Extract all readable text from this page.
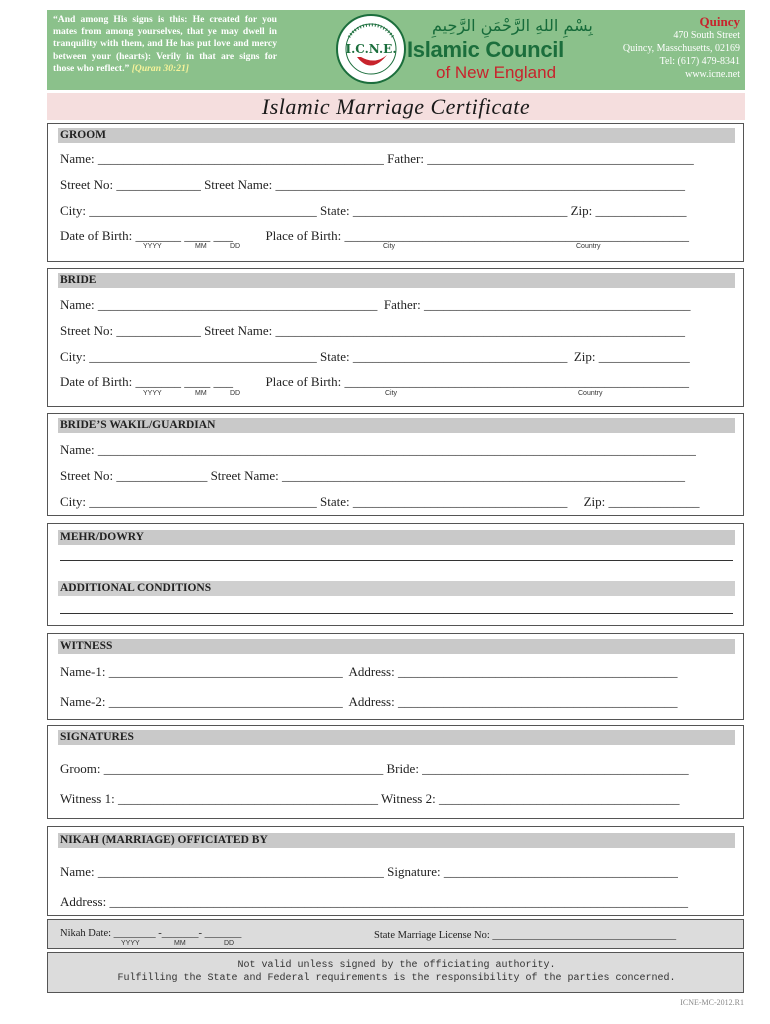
“And among His signs is this: He created for you mates from among yourselves, that ye may dwell in tranquility with them, and He has put love and mercy between your (hearts): Verily in that are signs for those who reflect.” [Quran 30:21]
I.C.N.E.
بِسْمِ اللهِ الرَّحْمَنِ الرَّحِيمِ
Islamic Council
of New England
Quincy
470 South Street
Quincy, Masschusetts, 02169
Tel: (617) 479-8341
www.icne.net
Islamic Marriage Certificate
GROOM
Name: ____________________________________________ Father: _________________________________________
Street No: _____________ Street Name: _______________________________________________________________
City: ___________________________________ State: _________________________________ Zip: ______________
Date of Birth: _______ ____ ___          Place of Birth: _____________________________________________________
YYYY	MM	DD	City	Country
BRIDE
Name: ___________________________________________  Father: _________________________________________
Street No: _____________ Street Name: _______________________________________________________________
City: ___________________________________ State: _________________________________  Zip: ______________
Date of Birth: _______ ____ ___          Place of Birth: _____________________________________________________
YYYY	MM	DD	City	Country
BRIDE’S WAKIL/GUARDIAN
Name: ____________________________________________________________________________________________
Street No: ______________ Street Name: ______________________________________________________________
City: ___________________________________ State: _________________________________     Zip: ______________
MEHR/DOWRY
ADDITIONAL CONDITIONS
WITNESS
Name-1: ____________________________________  Address: ___________________________________________
Name-2: ____________________________________  Address: ___________________________________________
SIGNATURES
Groom: ___________________________________________ Bride: _________________________________________
Witness 1: ________________________________________ Witness 2: _____________________________________
NIKAH (MARRIAGE) OFFICIATED BY
Name: ____________________________________________ Signature: ____________________________________
Address: _________________________________________________________________________________________
Nikah Date: ________ -_______- _______
YYYY	MM	DD
State Marriage License No: ___________________________________
Not valid unless signed by the officiating authority.
Fulfilling the State and Federal requirements is the responsibility of the parties concerned.
ICNE-MC-2012.R1
